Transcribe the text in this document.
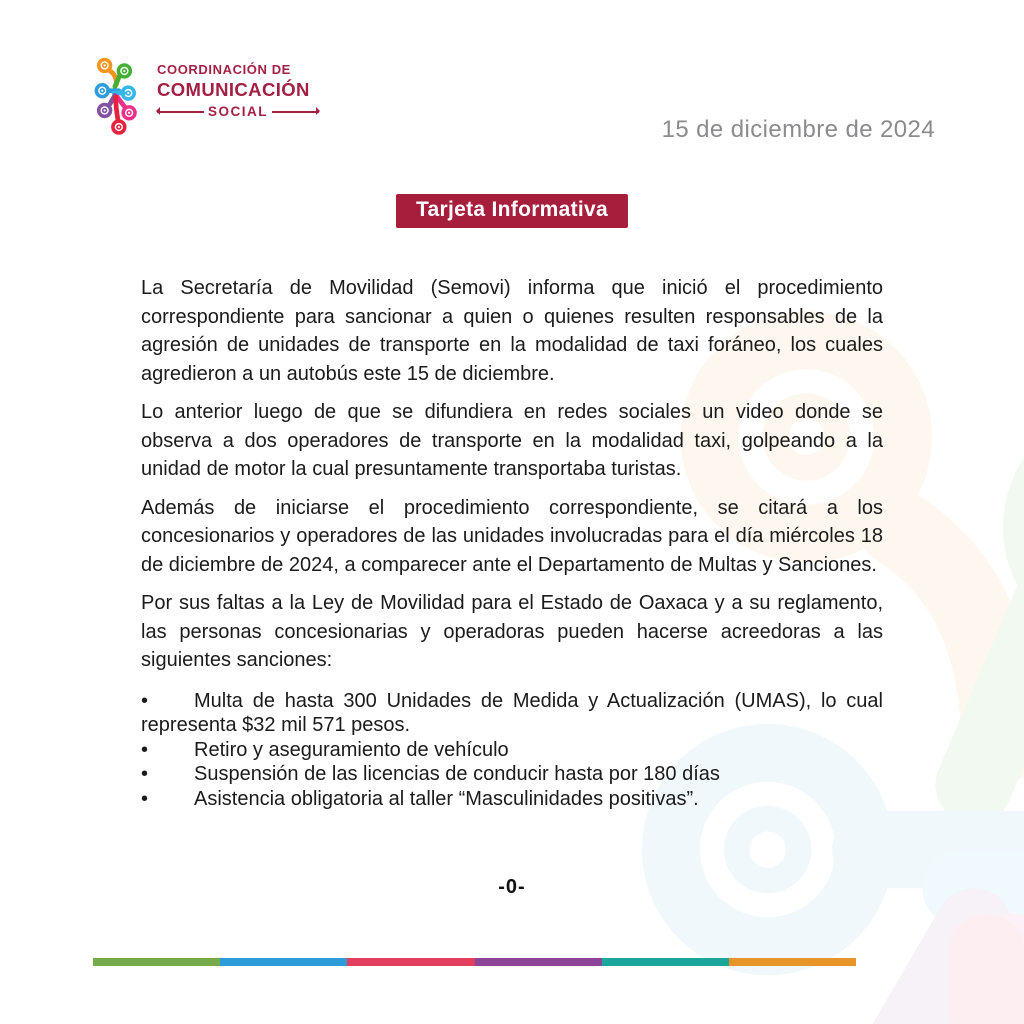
COORDINACIÓN DE
COMUNICACIÓN
SOCIAL
15 de diciembre de 2024
Tarjeta Informativa

La Secretaría de Movilidad (Semovi) informa que inició el procedimiento correspondiente para sancionar a quien o quienes resulten responsables de la agresión de unidades de transporte en la modalidad de taxi foráneo, los cuales agredieron a un autobús este 15 de diciembre.

Lo anterior luego de que se difundiera en redes sociales un video donde se observa a dos operadores de transporte en la modalidad taxi, golpeando a la unidad de motor la cual presuntamente transportaba turistas.

Además de iniciarse el procedimiento correspondiente, se citará a los concesionarios y operadores de las unidades involucradas para el día miércoles 18 de diciembre de 2024, a comparecer ante el Departamento de Multas y Sanciones.

Por sus faltas a la Ley de Movilidad para el Estado de Oaxaca y a su reglamento, las personas concesionarias y operadoras pueden hacerse acreedoras a las siguientes sanciones:

• Multa de hasta 300 Unidades de Medida y Actualización (UMAS), lo cual representa $32 mil 571 pesos.
• Retiro y aseguramiento de vehículo
• Suspensión de las licencias de conducir hasta por 180 días
• Asistencia obligatoria al taller “Masculinidades positivas”.
-0-
